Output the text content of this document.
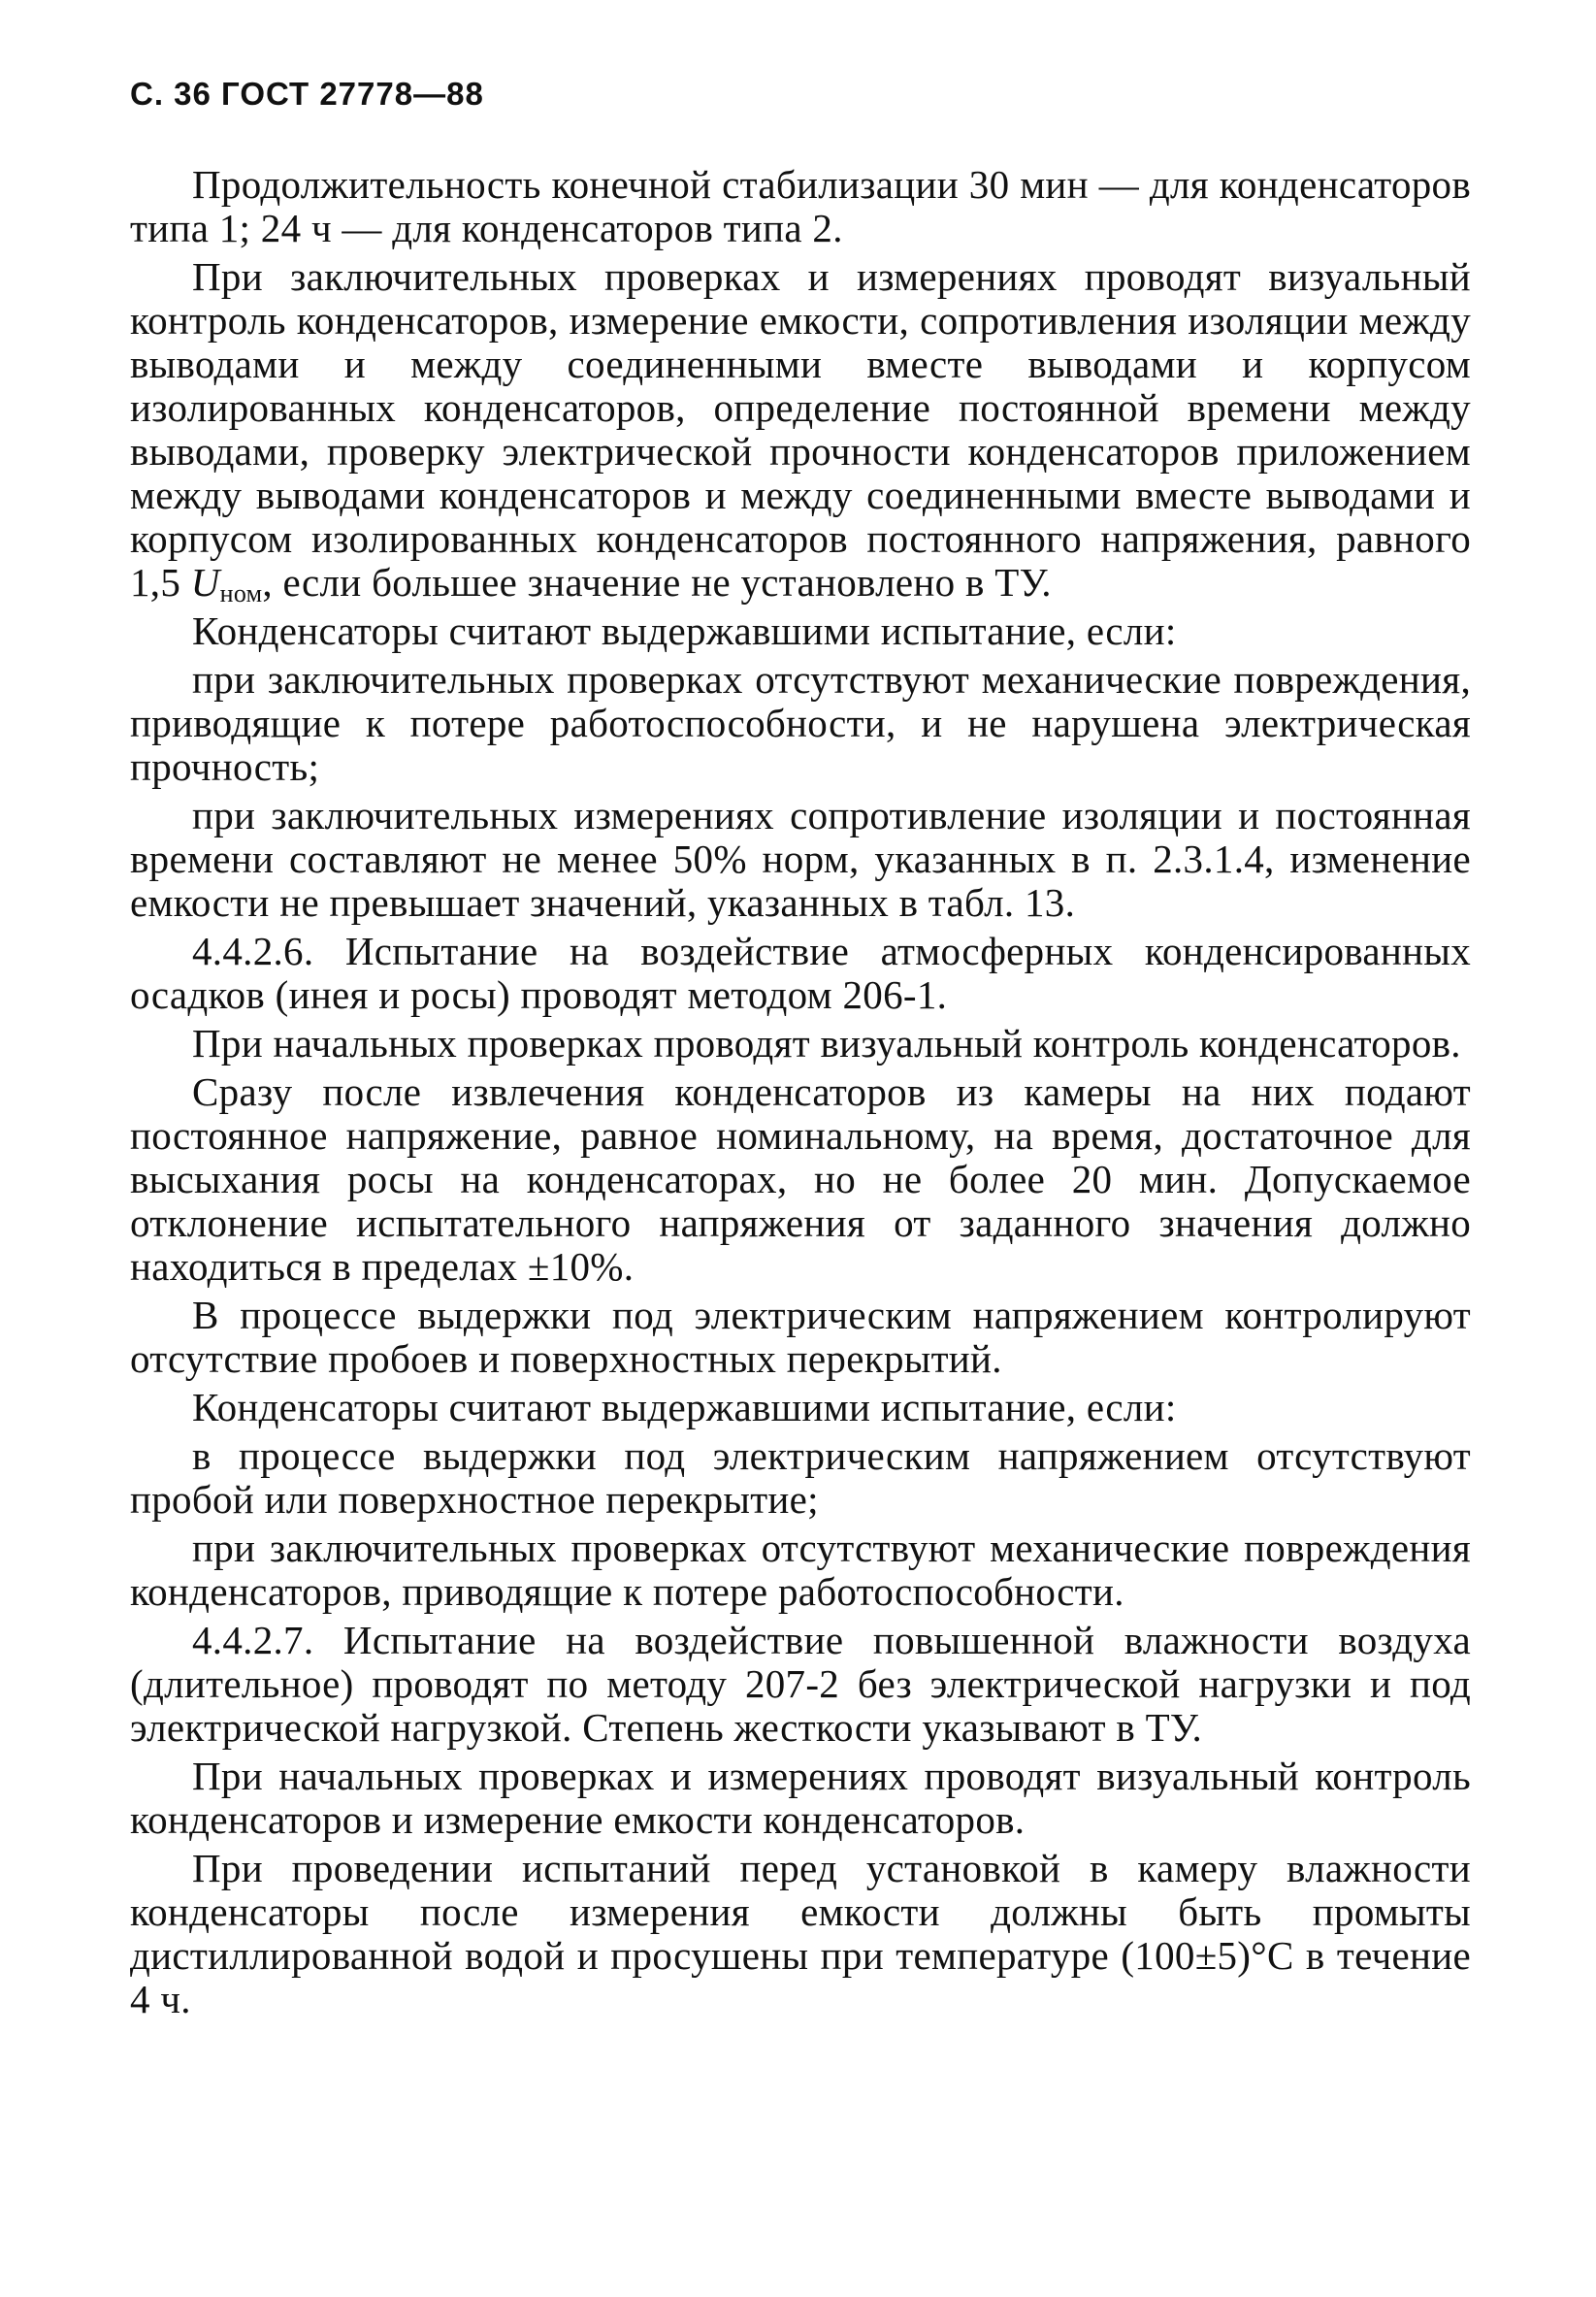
С. 36 ГОСТ 27778—88

Продолжительность конечной стабилизации 30 мин — для конденсаторов типа 1; 24 ч — для конденсаторов типа 2.

При заключительных проверках и измерениях проводят визуальный контроль конденсаторов, измерение емкости, сопротивления изоляции между выводами и между соединенными вместе выводами и корпусом изолированных конденсаторов, определение постоянной времени между выводами, проверку электрической прочности конденсаторов приложением между выводами конденсаторов и между соединенными вместе выводами и корпусом изолированных конденсаторов постоянного напряжения, равного 1,5 $U_{ном}$, если большее значение не установлено в ТУ.

Конденсаторы считают выдержавшими испытание, если:

при заключительных проверках отсутствуют механические повреждения, приводящие к потере работоспособности, и не нарушена электрическая прочность;

при заключительных измерениях сопротивление изоляции и постоянная времени составляют не менее 50% норм, указанных в п. 2.3.1.4, изменение емкости не превышает значений, указанных в табл. 13.

4.4.2.6. Испытание на воздействие атмосферных конденсированных осадков (инея и росы) проводят методом 206-1.

При начальных проверках проводят визуальный контроль конденсаторов.

Сразу после извлечения конденсаторов из камеры на них подают постоянное напряжение, равное номинальному, на время, достаточное для высыхания росы на конденсаторах, но не более 20 мин. Допускаемое отклонение испытательного напряжения от заданного значения должно находиться в пределах ±10%.

В процессе выдержки под электрическим напряжением контролируют отсутствие пробоев и поверхностных перекрытий.

Конденсаторы считают выдержавшими испытание, если:

в процессе выдержки под электрическим напряжением отсутствуют пробой или поверхностное перекрытие;

при заключительных проверках отсутствуют механические повреждения конденсаторов, приводящие к потере работоспособности.

4.4.2.7. Испытание на воздействие повышенной влажности воздуха (длительное) проводят по методу 207-2 без электрической нагрузки и под электрической нагрузкой. Степень жесткости указывают в ТУ.

При начальных проверках и измерениях проводят визуальный контроль конденсаторов и измерение емкости конденсаторов.

При проведении испытаний перед установкой в камеру влажности конденсаторы после измерения емкости должны быть промыты дистиллированной водой и просушены при температуре (100±5)°С в течение 4 ч.
